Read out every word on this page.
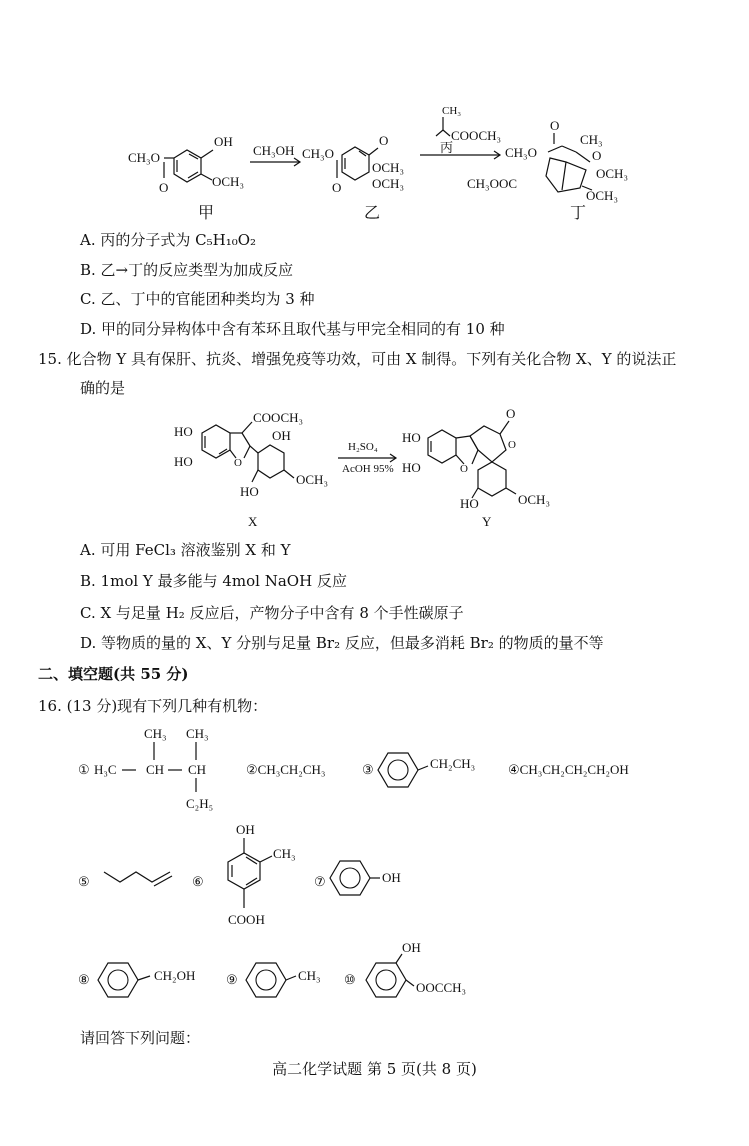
CH₃O
OH
OCH₃
O
CH₃OH CH₃O
O
OCH₃
OCH₃
O
CH₃
COOCH₃
丙	CH₃O
O
CH₃
O
OCH₃
OCH₃
CH₃OOC
甲	乙	丁
A. 丙的分子式为 C₅H₁₀O₂
B. 乙→丁的反应类型为加成反应
C. 乙、丁中的官能团种类均为 3 种
D. 甲的同分异构体中含有苯环且取代基与甲完全相同的有 10 种
15. 化合物 Y 具有保肝、抗炎、增强免疫等功效，可由 X 制得。下列有关化合物 X、Y 的说法正
确的是
HO
HO	O
COOCH₃
OH
HO
OCH₃
H₂SO₄
AcOH 95%
HO
HO	O
O
O
HO	OCH₃
X	Y
A. 可用 FeCl₃ 溶液鉴别 X 和 Y
B. 1mol Y 最多能与 4mol NaOH 反应
C. X 与足量 H₂ 反应后，产物分子中含有 8 个手性碳原子
D. 等物质的量的 X、Y 分别与足量 Br₂ 反应，但最多消耗 Br₂ 的物质的量不等
二、填空题(共 55 分)
16. (13 分)现有下列几种有机物：
① H₃C CH CH
CH₃ CH₃
C₂H₅
②CH₃CH₂CH₃	③	CH₂CH₃	④CH₃CH₂CH₂CH₂OH
⑤	⑥
OH
CH₃
COOH
⑦	OH
⑧	CH₂OH ⑨	CH₃ ⑩
OH
OOCCH₃
请回答下列问题：
高二化学试题 第 5 页(共 8 页)
